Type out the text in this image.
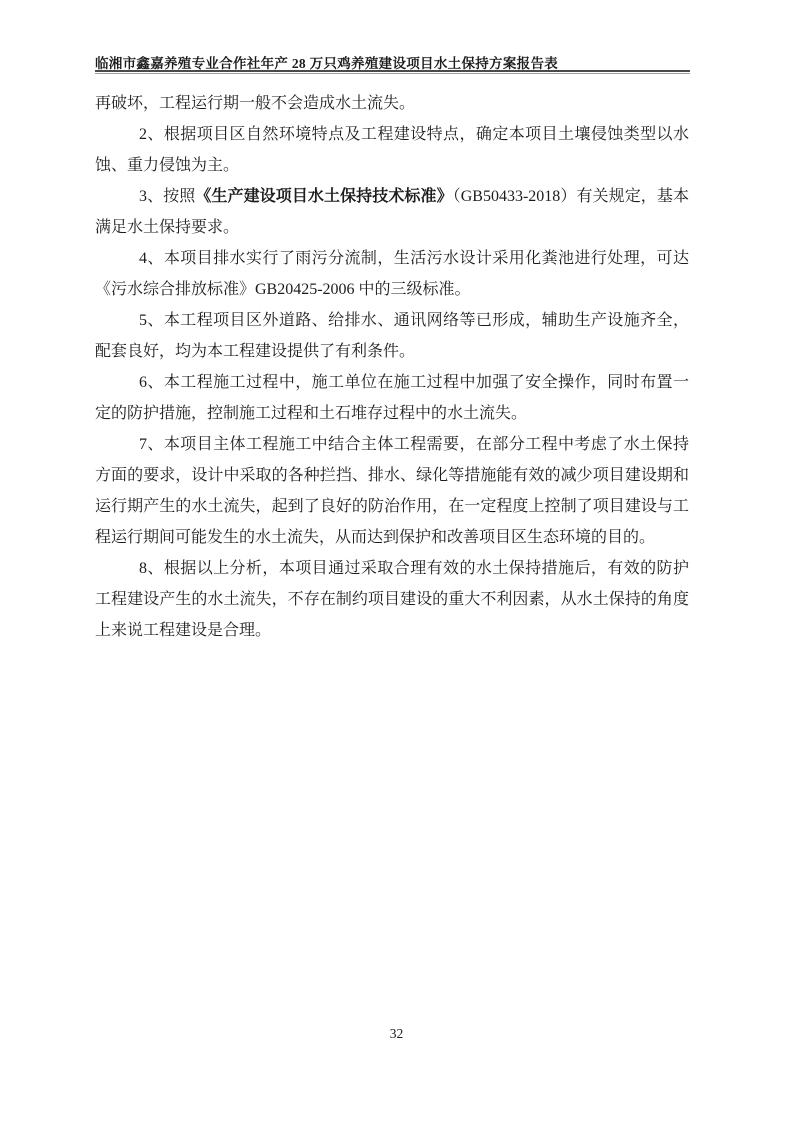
临湘市鑫嘉养殖专业合作社年产 28 万只鸡养殖建设项目水土保持方案报告表

再破坏，工程运行期一般不会造成水土流失。

2、根据项目区自然环境特点及工程建设特点，确定本项目土壤侵蚀类型以水蚀、重力侵蚀为主。

3、按照《生产建设项目水土保持技术标准》（GB50433-2018）有关规定，基本满足水土保持要求。

4、本项目排水实行了雨污分流制，生活污水设计采用化粪池进行处理，可达《污水综合排放标准》GB20425-2006 中的三级标准。

5、本工程项目区外道路、给排水、通讯网络等已形成，辅助生产设施齐全，配套良好，均为本工程建设提供了有利条件。

6、本工程施工过程中，施工单位在施工过程中加强了安全操作，同时布置一定的防护措施，控制施工过程和土石堆存过程中的水土流失。

7、本项目主体工程施工中结合主体工程需要，在部分工程中考虑了水土保持方面的要求，设计中采取的各种拦挡、排水、绿化等措施能有效的减少项目建设期和运行期产生的水土流失，起到了良好的防治作用，在一定程度上控制了项目建设与工程运行期间可能发生的水土流失，从而达到保护和改善项目区生态环境的目的。

8、根据以上分析，本项目通过采取合理有效的水土保持措施后，有效的防护工程建设产生的水土流失，不存在制约项目建设的重大不利因素，从水土保持的角度上来说工程建设是合理。

32
